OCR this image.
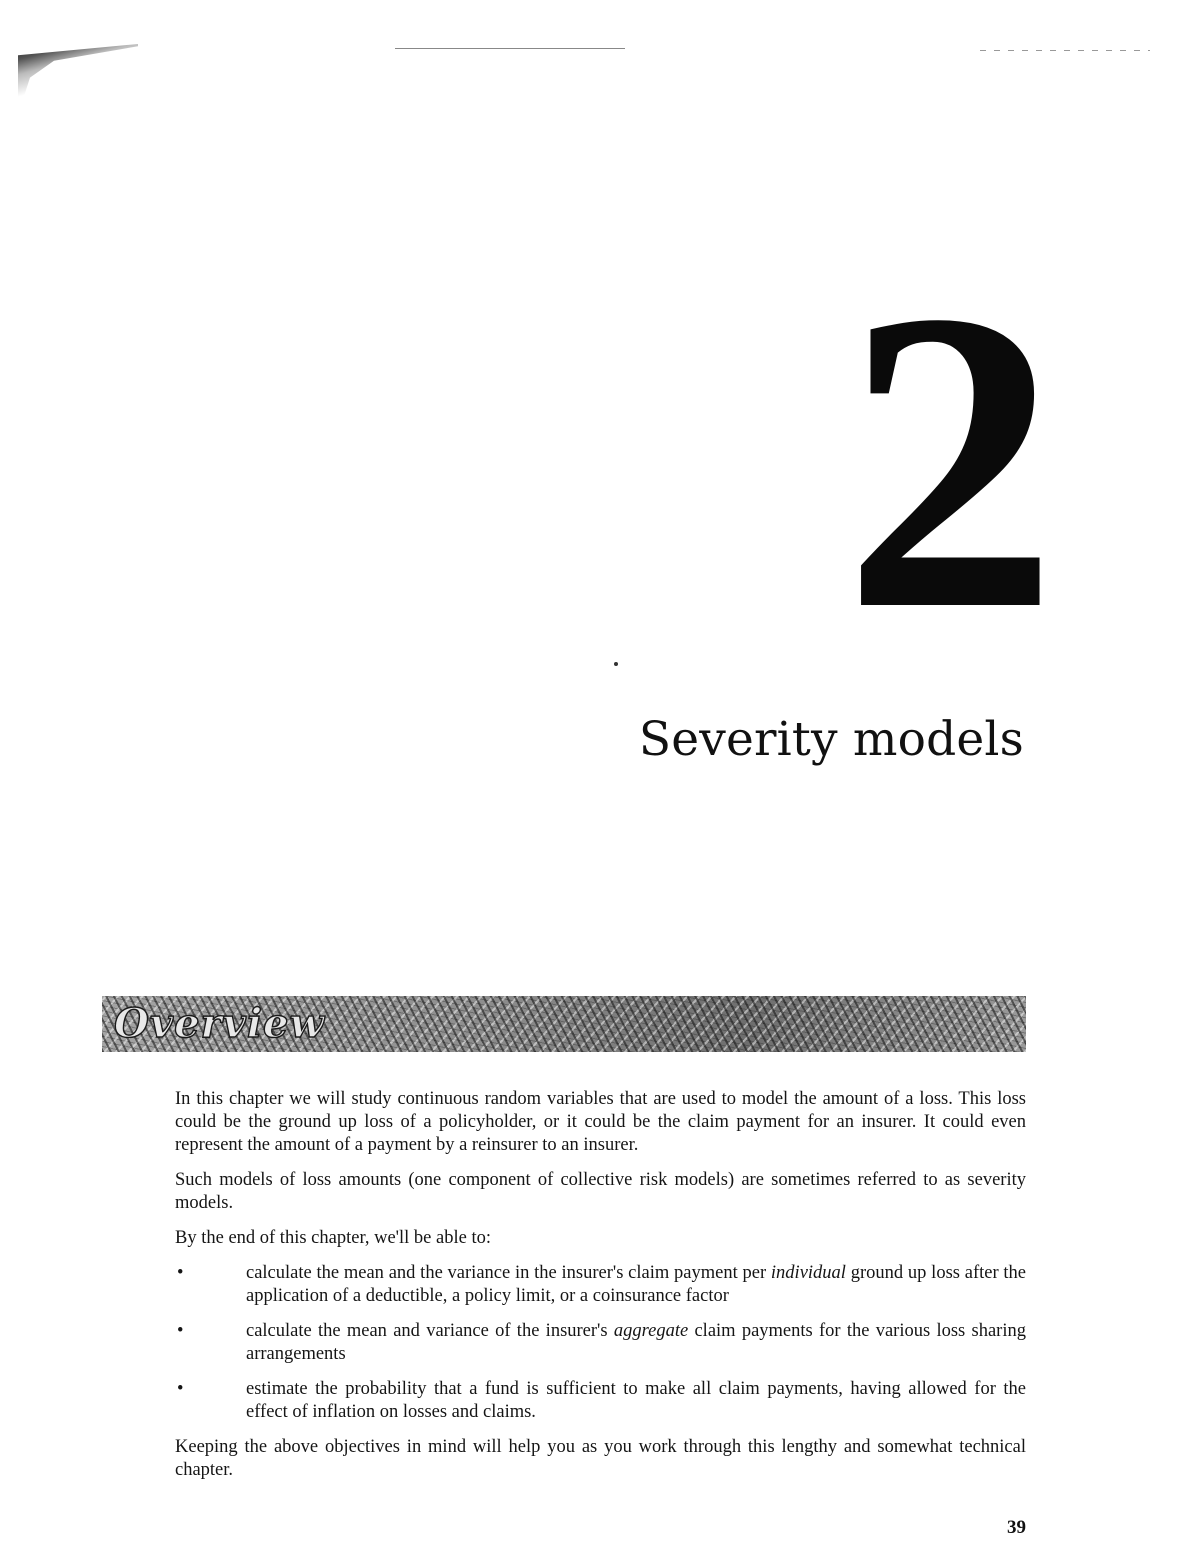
2
Severity models
Overview

In this chapter we will study continuous random variables that are used to model the amount of a loss. This loss could be the ground up loss of a policyholder, or it could be the claim payment for an insurer. It could even represent the amount of a payment by a reinsurer to an insurer.

Such models of loss amounts (one component of collective risk models) are sometimes referred to as severity models.

By the end of this chapter, we'll be able to:

•	calculate the mean and the variance in the insurer's claim payment per individual ground up loss after the application of a deductible, a policy limit, or a coinsurance factor
•	calculate the mean and variance of the insurer's aggregate claim payments for the various loss sharing arrangements
•	estimate the probability that a fund is sufficient to make all claim payments, having allowed for the effect of inflation on losses and claims.

Keeping the above objectives in mind will help you as you work through this lengthy and somewhat technical chapter.

39
